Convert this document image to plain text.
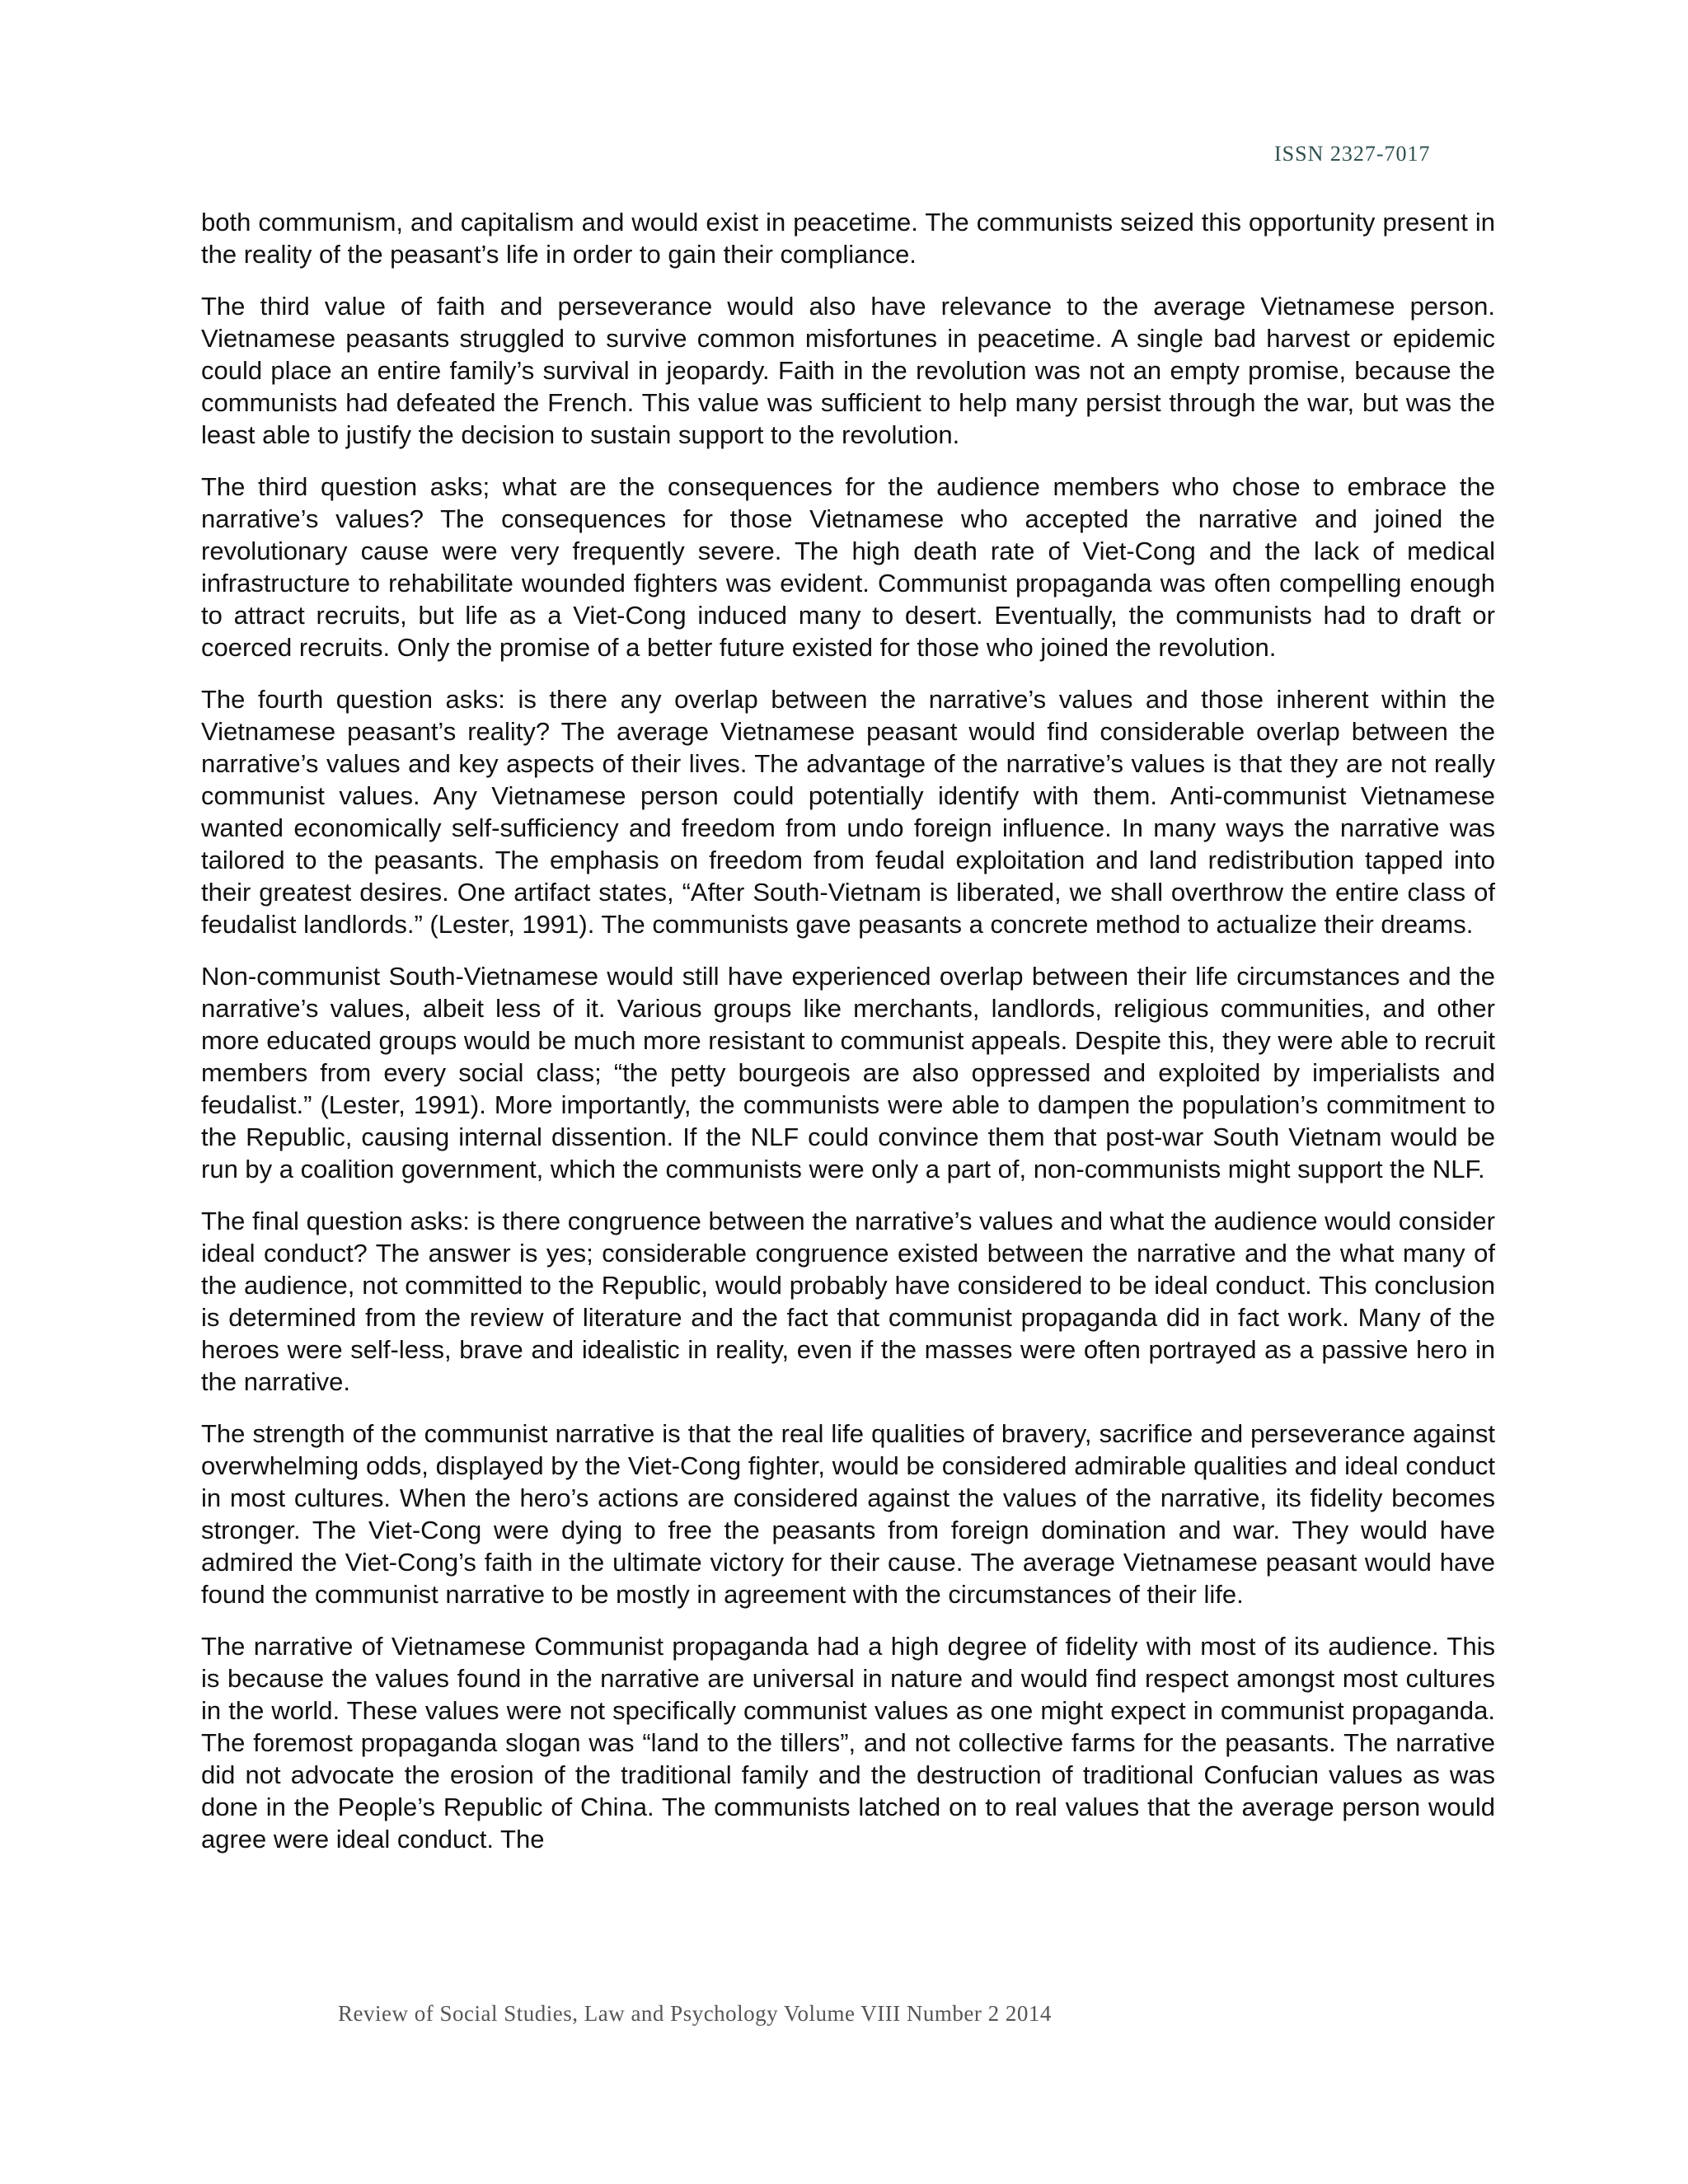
ISSN 2327-7017

both communism, and capitalism and would exist in peacetime. The communists seized this opportunity present in the reality of the peasant’s life in order to gain their compliance.

The third value of faith and perseverance would also have relevance to the average Vietnamese person. Vietnamese peasants struggled to survive common misfortunes in peacetime. A single bad harvest or epidemic could place an entire family’s survival in jeopardy. Faith in the revolution was not an empty promise, because the communists had defeated the French. This value was sufficient to help many persist through the war, but was the least able to justify the decision to sustain support to the revolution.

The third question asks; what are the consequences for the audience members who chose to embrace the narrative’s values? The consequences for those Vietnamese who accepted the narrative and joined the revolutionary cause were very frequently severe. The high death rate of Viet-Cong and the lack of medical infrastructure to rehabilitate wounded fighters was evident. Communist propaganda was often compelling enough to attract recruits, but life as a Viet-Cong induced many to desert. Eventually, the communists had to draft or coerced recruits. Only the promise of a better future existed for those who joined the revolution.

The fourth question asks: is there any overlap between the narrative’s values and those inherent within the Vietnamese peasant’s reality? The average Vietnamese peasant would find considerable overlap between the narrative’s values and key aspects of their lives. The advantage of the narrative’s values is that they are not really communist values. Any Vietnamese person could potentially identify with them. Anti-communist Vietnamese wanted economically self-sufficiency and freedom from undo foreign influence. In many ways the narrative was tailored to the peasants. The emphasis on freedom from feudal exploitation and land redistribution tapped into their greatest desires. One artifact states, “After South-Vietnam is liberated, we shall overthrow the entire class of feudalist landlords.” (Lester, 1991). The communists gave peasants a concrete method to actualize their dreams.

Non-communist South-Vietnamese would still have experienced overlap between their life circumstances and the narrative’s values, albeit less of it. Various groups like merchants, landlords, religious communities, and other more educated groups would be much more resistant to communist appeals. Despite this, they were able to recruit members from every social class; “the petty bourgeois are also oppressed and exploited by imperialists and feudalist.” (Lester, 1991). More importantly, the communists were able to dampen the population’s commitment to the Republic, causing internal dissention. If the NLF could convince them that post-war South Vietnam would be run by a coalition government, which the communists were only a part of, non-communists might support the NLF.

The final question asks: is there congruence between the narrative’s values and what the audience would consider ideal conduct? The answer is yes; considerable congruence existed between the narrative and the what many of the audience, not committed to the Republic, would probably have considered to be ideal conduct. This conclusion is determined from the review of literature and the fact that communist propaganda did in fact work. Many of the heroes were self-less, brave and idealistic in reality, even if the masses were often portrayed as a passive hero in the narrative.

The strength of the communist narrative is that the real life qualities of bravery, sacrifice and perseverance against overwhelming odds, displayed by the Viet-Cong fighter, would be considered admirable qualities and ideal conduct in most cultures. When the hero’s actions are considered against the values of the narrative, its fidelity becomes stronger. The Viet-Cong were dying to free the peasants from foreign domination and war. They would have admired the Viet-Cong’s faith in the ultimate victory for their cause. The average Vietnamese peasant would have found the communist narrative to be mostly in agreement with the circumstances of their life.

The narrative of Vietnamese Communist propaganda had a high degree of fidelity with most of its audience. This is because the values found in the narrative are universal in nature and would find respect amongst most cultures in the world. These values were not specifically communist values as one might expect in communist propaganda. The foremost propaganda slogan was “land to the tillers”, and not collective farms for the peasants. The narrative did not advocate the erosion of the traditional family and the destruction of traditional Confucian values as was done in the People’s Republic of China. The communists latched on to real values that the average person would agree were ideal conduct. The

Review of Social Studies, Law and Psychology Volume VIII Number 2 2014
